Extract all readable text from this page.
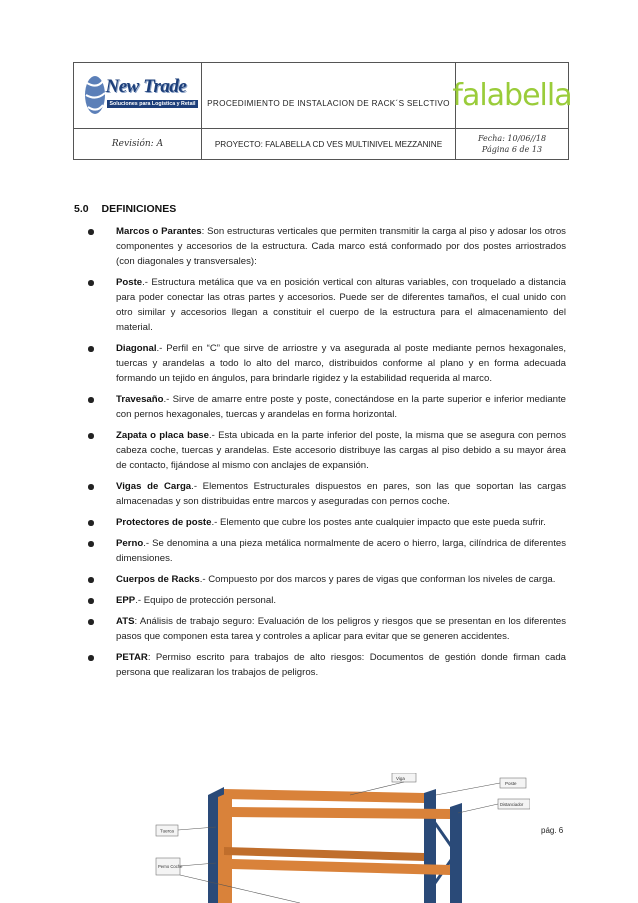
New Trade
Soluciones para Logística y Retail	PROCEDIMIENTO DE INSTALACION DE RACK´S SELCTIVO falabella
Revisión: A	PROYECTO: FALABELLA CD VES MULTINIVEL MEZZANINE
Fecha: 10/06//18
Página 6 de 13
5.0 DEFINICIONES
Marcos o Parantes: Son estructuras verticales que permiten transmitir la carga al piso y adosar los otros componentes y accesorios de la estructura. Cada marco está conformado por dos postes arriostrados (con diagonales y transversales):
Poste.- Estructura metálica que va en posición vertical con alturas variables, con troquelado a distancia para poder conectar las otras partes y accesorios. Puede ser de diferentes tamaños, el cual unido con otro similar y accesorios llegan a constituir el cuerpo de la estructura para el almacenamiento del material.
Diagonal.- Perfil en “C” que sirve de arriostre y va asegurada al poste mediante pernos hexagonales, tuercas y arandelas a todo lo alto del marco, distribuidos conforme al plano y en forma adecuada formando un tejido en ángulos, para brindarle rigidez y la estabilidad requerida al marco.
Travesaño.- Sirve de amarre entre poste y poste, conectándose en la parte superior e inferior mediante con pernos hexagonales, tuercas y arandelas en forma horizontal.
Zapata o placa base.- Esta ubicada en la parte inferior del poste, la misma que se asegura con pernos cabeza coche, tuercas y arandelas. Este accesorio distribuye las cargas al piso debido a su mayor área de contacto, fijándose al mismo con anclajes de expansión.
Vigas de Carga.- Elementos Estructurales dispuestos en pares, son las que soportan las cargas almacenadas y son distribuidas entre marcos y aseguradas con pernos coche.
Protectores de poste.- Elemento que cubre los postes ante cualquier impacto que este pueda sufrir.
Perno.- Se denomina a una pieza metálica normalmente de acero o hierro, larga, cilíndrica de diferentes dimensiones.
Cuerpos de Racks.- Compuesto por dos marcos y pares de vigas que conforman los niveles de carga.
EPP.- Equipo de protección personal.
ATS: Análisis de trabajo seguro: Evaluación de los peligros y riesgos que se presentan en los diferentes pasos que componen esta tarea y controles a aplicar para evitar que se generen accidentes.
PETAR: Permiso escrito para trabajos de alto riesgos: Documentos de gestión donde firman cada persona que realizaran los trabajos de peligros.
Viga
Poste
Distanciador
Tuerca
Perno Coche
pág. 6
